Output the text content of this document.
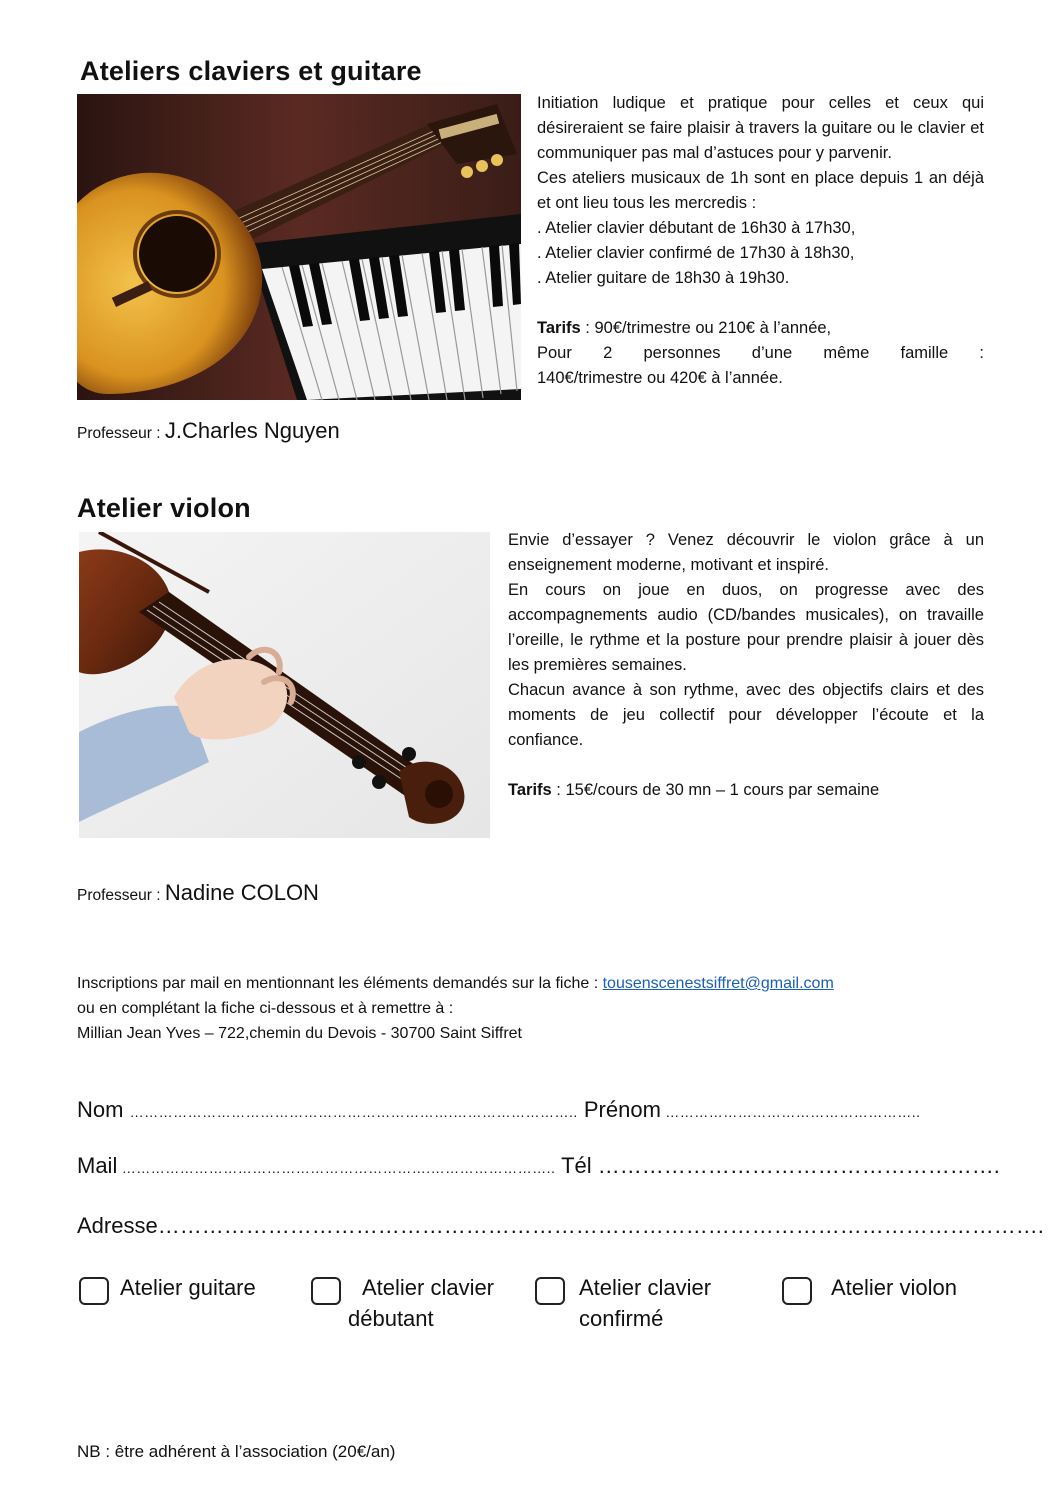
Ateliers claviers et guitare

Initiation ludique et pratique pour celles et ceux qui désireraient se faire plaisir à travers la guitare ou le clavier et communiquer pas mal d’astuces pour y parvenir.

Ces ateliers musicaux de 1h sont en place depuis 1 an déjà et ont lieu tous les mercredis :

. Atelier clavier débutant de 16h30 à 17h30,

. Atelier clavier confirmé de 17h30 à 18h30,

. Atelier guitare de 18h30 à 19h30.

Tarifs : 90€/trimestre ou 210€ à l’année,

Pour 2 personnes d’une même famille :

140€/trimestre ou 420€ à l’année.

Professeur : J.Charles Nguyen
Atelier violon

Envie d’essayer ? Venez découvrir le violon grâce à un enseignement moderne, motivant et inspiré.

En cours on joue en duos, on progresse avec des accompagnements audio (CD/bandes musicales), on travaille l’oreille, le rythme et la posture pour prendre plaisir à jouer dès les premières semaines.

Chacun avance à son rythme, avec des objectifs clairs et des moments de jeu collectif pour développer l’écoute et la confiance.

Tarifs : 15€/cours de 30 mn – 1 cours par semaine

Professeur : Nadine COLON

Inscriptions par mail en mentionnant les éléments demandés sur la fiche : tousenscenestsiffret@gmail.com

ou en complétant la fiche ci-dessous et à remettre à :

Millian Jean Yves – 722,chemin du Devois - 30700 Saint Siffret

Nom ………………………………………………………….…………………….. Prénom ……………………………………………..
Mail ……………………………………………………….…………………….. Tél ……………………………………………….
Adresse………………………………………………………………………………………………………….
Atelier guitare	Atelier clavier
débutant
Atelier clavier
confirmé
Atelier violon
NB : être adhérent à l’association (20€/an)
